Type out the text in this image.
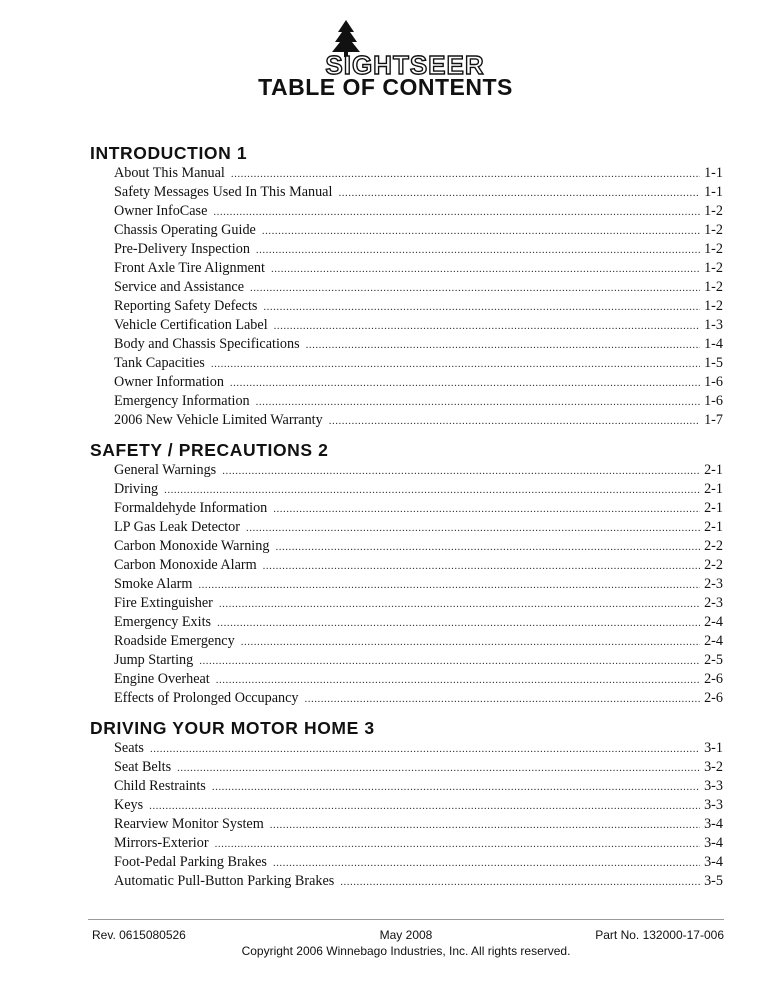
SIGHTSEER
TABLE OF CONTENTS
INTRODUCTION 1
About This Manual .....	1-1
Safety Messages Used In This Manual .....	1-1
Owner InfoCase .....	1-2
Chassis Operating Guide .....	1-2
Pre-Delivery Inspection .....	1-2
Front Axle Tire Alignment .....	1-2
Service and Assistance .....	1-2
Reporting Safety Defects .....	1-2
Vehicle Certification Label .....	1-3
Body and Chassis Specifications .....	1-4
Tank Capacities .....	1-5
Owner Information .....	1-6
Emergency Information .....	1-6
2006 New Vehicle Limited Warranty .....	1-7
SAFETY / PRECAUTIONS 2
General Warnings .....	2-1
Driving .....	2-1
Formaldehyde Information .....	2-1
LP Gas Leak Detector .....	2-1
Carbon Monoxide Warning .....	2-2
Carbon Monoxide Alarm .....	2-2
Smoke Alarm .....	2-3
Fire Extinguisher .....	2-3
Emergency Exits .....	2-4
Roadside Emergency .....	2-4
Jump Starting .....	2-5
Engine Overheat .....	2-6
Effects of Prolonged Occupancy .....	2-6
DRIVING YOUR MOTOR HOME 3
Seats .....	3-1
Seat Belts .....	3-2
Child Restraints .....	3-3
Keys .....	3-3
Rearview Monitor System .....	3-4
Mirrors-Exterior .....	3-4
Foot-Pedal Parking Brakes .....	3-4
Automatic Pull-Button Parking Brakes .....	3-5
Rev. 0615080526	May 2008	Part No. 132000-17-006
Copyright 2006 Winnebago Industries, Inc. All rights reserved.
